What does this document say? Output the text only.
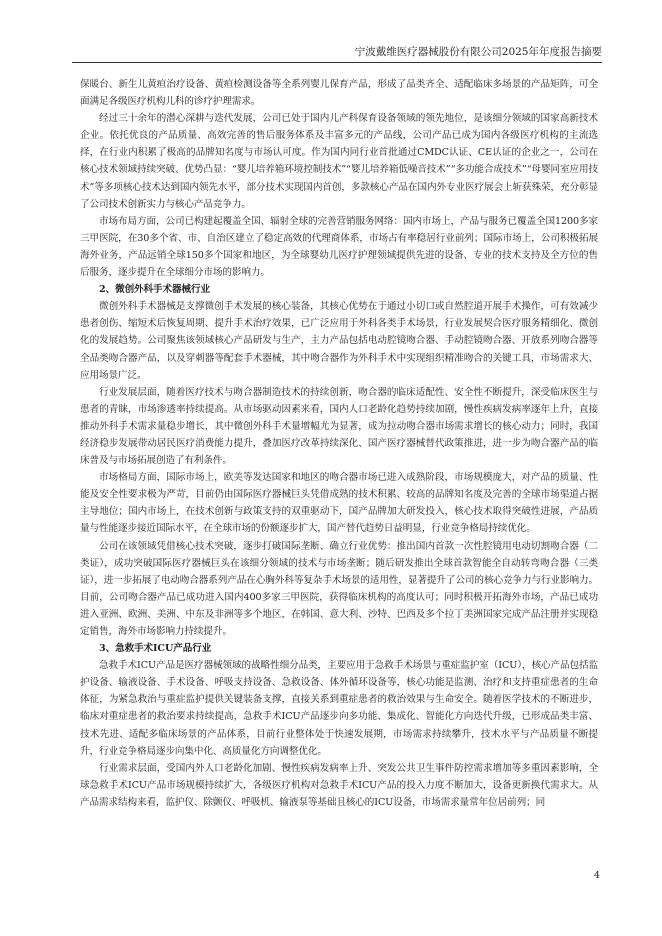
宁波戴维医疗器械股份有限公司2025年年度报告摘要

保暖台、新生儿黄疸治疗设备、黄疸检测设备等全系列婴儿保育产品，形成了品类齐全、适配临床多场景的产品矩阵，可全面满足各级医疗机构儿科的诊疗护理需求。

经过三十余年的潜心深耕与迭代发展，公司已处于国内儿产科保育设备领域的领先地位，是该细分领域的国家高新技术企业。依托优良的产品质量、高效完善的售后服务体系及丰富多元的产品线，公司产品已成为国内各级医疗机构的主流选择，在行业内积累了极高的品牌知名度与市场认可度。作为国内同行业首批通过CMDC认证、CE认证的企业之一，公司在核心技术领域持续突破、优势凸显：“婴儿培养箱环境控制技术”“婴儿培养箱低噪音技术”“多功能合成技术”“母婴同室应用技术”等多项核心技术达到国内领先水平，部分技术实现国内首创，多款核心产品在国内外专业医疗展会上斩获殊荣，充分彰显了公司技术创新实力与核心产品竞争力。

市场布局方面，公司已构建起覆盖全国、辐射全球的完善营销服务网络：国内市场上，产品与服务已覆盖全国1200多家三甲医院，在30多个省、市、自治区建立了稳定高效的代理商体系，市场占有率稳居行业前列；国际市场上，公司积极拓展海外业务，产品远销全球150多个国家和地区，为全球婴幼儿医疗护理领域提供先进的设备、专业的技术支持及全方位的售后服务，逐步提升在全球细分市场的影响力。

2、微创外科手术器械行业

微创外科手术器械是支撑微创手术发展的核心装备，其核心优势在于通过小切口或自然腔道开展手术操作，可有效减少患者创伤、缩短术后恢复周期、提升手术治疗效果，已广泛应用于外科各类手术场景，行业发展契合医疗服务精细化、微创化的发展趋势。公司聚焦该领域核心产品研发与生产，主力产品包括电动腔镜吻合器、手动腔镜吻合器、开放系列吻合器等全品类吻合器产品，以及穿刺器等配套手术器械，其中吻合器作为外科手术中实现组织精准吻合的关键工具，市场需求大、应用场景广泛。

行业发展层面，随着医疗技术与吻合器制造技术的持续创新，吻合器的临床适配性、安全性不断提升，深受临床医生与患者的青睐，市场渗透率持续提高。从市场驱动因素来看，国内人口老龄化趋势持续加剧，慢性疾病发病率逐年上升，直接推动外科手术需求量稳步增长，其中微创外科手术量增幅尤为显著，成为拉动吻合器市场需求增长的核心动力；同时，我国经济稳步发展带动居民医疗消费能力提升，叠加医疗改革持续深化、国产医疗器械替代政策推进，进一步为吻合器产品的临床普及与市场拓展创造了有利条件。

市场格局方面，国际市场上，欧美等发达国家和地区的吻合器市场已进入成熟阶段，市场规模庞大，对产品的质量、性能及安全性要求极为严苛，目前仍由国际医疗器械巨头凭借成熟的技术积累、较高的品牌知名度及完善的全球市场渠道占据主导地位；国内市场上，在技术创新与政策支持的双重驱动下，国产品牌加大研发投入，核心技术取得突破性进展，产品质量与性能逐步接近国际水平，在全球市场的份额逐步扩大，国产替代趋势日益明显，行业竞争格局持续优化。

公司在该领域凭借核心技术突破，逐步打破国际垄断、确立行业优势：推出国内首款一次性腔镜用电动切割吻合器（二类证），成功突破国际医疗器械巨头在该细分领域的技术与市场垄断；随后研发推出全球首款智能全自动转弯吻合器（三类证），进一步拓展了电动吻合器系列产品在心胸外科等复杂手术场景的适用性，显著提升了公司的核心竞争力与行业影响力。目前，公司吻合器产品已成功进入国内400多家三甲医院，获得临床机构的高度认可；同时积极开拓海外市场，产品已成功进入亚洲、欧洲、美洲、中东及非洲等多个地区，在韩国、意大利、沙特、巴西及多个拉丁美洲国家完成产品注册并实现稳定销售，海外市场影响力持续提升。

3、急救手术ICU产品行业

急救手术ICU产品是医疗器械领域的战略性细分品类，主要应用于急救手术场景与重症监护室（ICU），核心产品包括监护设备、输液设备、手术设备、呼吸支持设备、急救设备、体外循环设备等，核心功能是监测、治疗和支持重症患者的生命体征，为紧急救治与重症监护提供关键装备支撑，直接关系到重症患者的救治效果与生命安全。随着医学技术的不断进步，临床对重症患者的救治要求持续提高，急救手术ICU产品逐步向多功能、集成化、智能化方向迭代升级，已形成品类丰富、技术先进、适配多临床场景的产品体系，目前行业整体处于快速发展期，市场需求持续攀升，技术水平与产品质量不断提升，行业竞争格局逐步向集中化、高质量化方向调整优化。

行业需求层面，受国内外人口老龄化加剧、慢性疾病发病率上升、突发公共卫生事件防控需求增加等多重因素影响，全球急救手术ICU产品市场规模持续扩大，各级医疗机构对急救手术ICU产品的投入力度不断加大，设备更新换代需求大。从产品需求结构来看，监护仪、除颤仪、呼吸机、输液泵等基础且核心的ICU设备，市场需求量常年位居前列；同

4
